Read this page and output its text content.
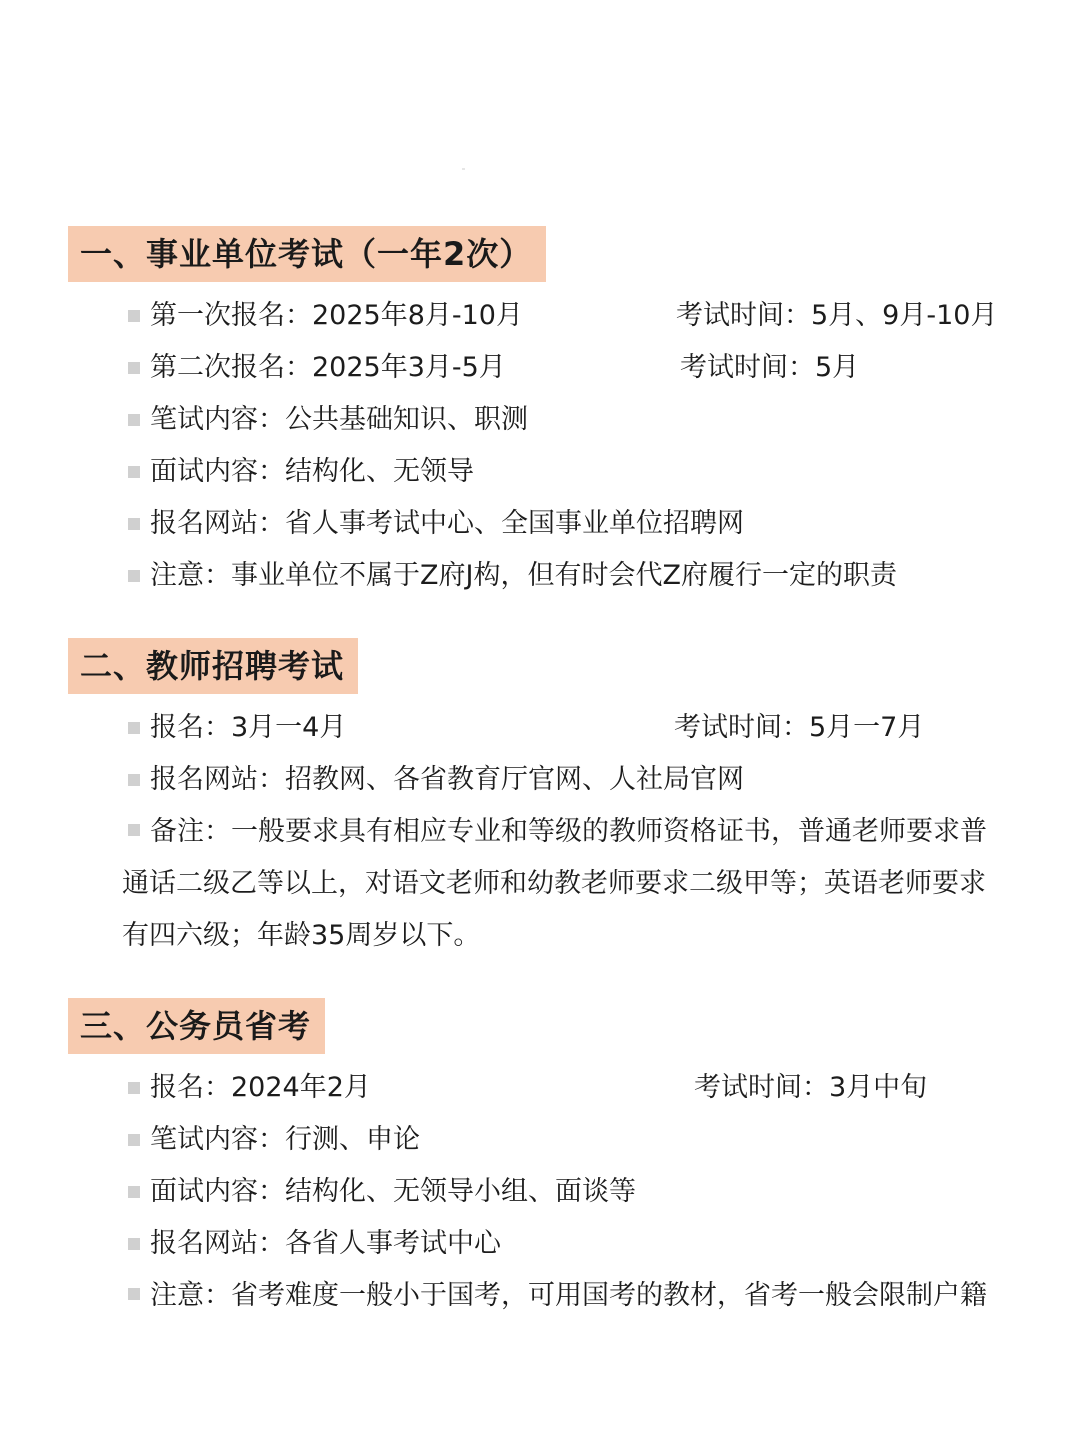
一、事业单位考试（一年2次）
第一次报名： 2025年8月-10月	考试时间：5月、9月-10月
第二次报名： 2025年3月-5月	考试时间：5月
笔试内容： 公共基础知识、职测
面试内容： 结构化、无领导
报名网站： 省人事考试中心、全国事业单位招聘网
注意： 事业单位不属于Z府J构，但有时会代Z府履行一定的职责
二、教师招聘考试
报名： 3月一4月	考试时间：5月一7月
报名网站： 招教网、各省教育厅官网、人社局官网
备注：一般要求具有相应专业和等级的教师资格证书，普通老师要求普通话二级乙等以上，对语文老师和幼教老师要求二级甲等；英语老师要求有四六级；年龄35周岁以下。
三、公务员省考
报名： 2024年2月	考试时间：3月中旬
笔试内容： 行测、申论
面试内容： 结构化、无领导小组、面谈等
报名网站： 各省人事考试中心
注意：省考难度一般小于国考，可用国考的教材，省考一般会限制户籍
